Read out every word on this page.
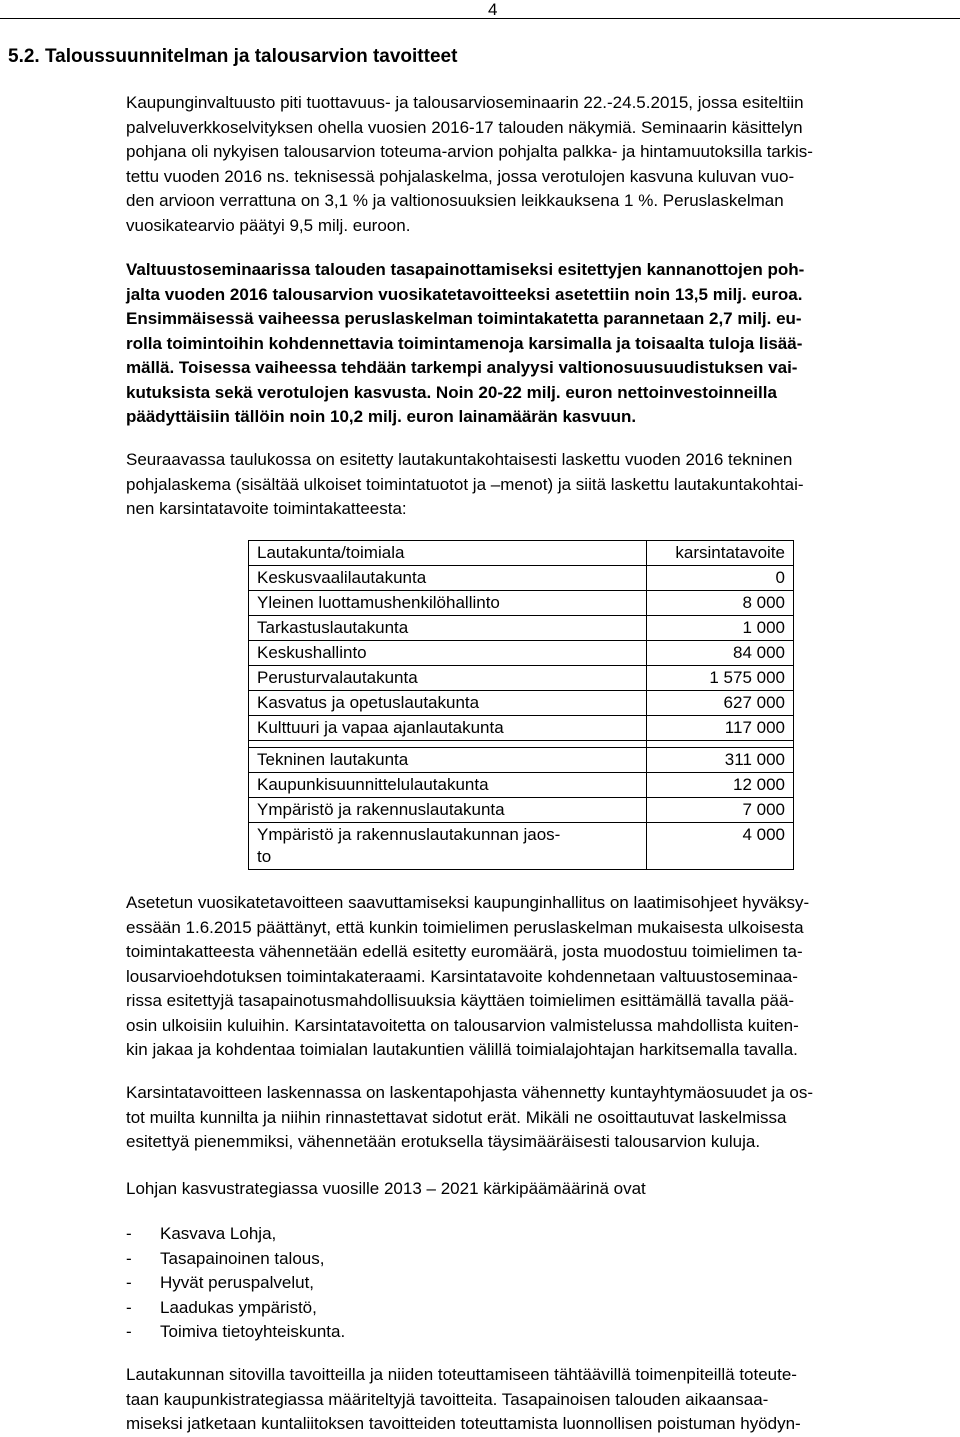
4
5.2. Taloussuunnitelman ja talousarvion tavoitteet

Kaupunginvaltuusto piti tuottavuus- ja talousarvioseminaarin 22.-24.5.2015, jossa esiteltiin
palveluverkkoselvityksen ohella vuosien 2016-17 talouden näkymiä. Seminaarin käsittelyn
pohjana oli nykyisen talousarvion toteuma-arvion pohjalta palkka- ja hintamuutoksilla tarkis-
tettu vuoden 2016 ns. teknisessä pohjalaskelma, jossa verotulojen kasvuna kuluvan vuo-
den arvioon verrattuna on 3,1 % ja valtionosuuksien leikkauksena 1 %. Peruslaskelman
vuosikatearvio päätyi 9,5 milj. euroon.

Valtuustoseminaarissa talouden tasapainottamiseksi esitettyjen kannanottojen poh-
jalta vuoden 2016 talousarvion vuosikatetavoitteeksi asetettiin noin 13,5 milj. euroa.
Ensimmäisessä vaiheessa peruslaskelman toimintakatetta parannetaan 2,7 milj. eu-
rolla toimintoihin kohdennettavia toimintamenoja karsimalla ja toisaalta tuloja lisää-
mällä. Toisessa vaiheessa tehdään tarkempi analyysi valtionosuusuudistuksen vai-
kutuksista sekä verotulojen kasvusta. Noin 20-22 milj. euron nettoinvestoinneilla
päädyttäisiin tällöin noin 10,2 milj. euron lainamäärän kasvuun.

Seuraavassa taulukossa on esitetty lautakuntakohtaisesti laskettu vuoden 2016 tekninen
pohjalaskema (sisältää ulkoiset toimintatuotot ja –menot) ja siitä laskettu lautakuntakohtai-
nen karsintatavoite toimintakatteesta:

Lautakunta/toimiala	karsintatavoite
Keskusvaalilautakunta	0
Yleinen luottamushenkilöhallinto	8 000
Tarkastuslautakunta	1 000
Keskushallinto	84 000
Perusturvalautakunta	1 575 000
Kasvatus ja opetuslautakunta	627 000
Kulttuuri ja vapaa ajanlautakunta	117 000

Tekninen lautakunta	311 000
Kaupunkisuunnittelulautakunta	12 000
Ympäristö ja rakennuslautakunta	7 000

Ympäristö ja rakennuslautakunnan jaos-
to	4 000

Asetetun vuosikatetavoitteen saavuttamiseksi kaupunginhallitus on laatimisohjeet hyväksy-
essään 1.6.2015 päättänyt, että kunkin toimielimen peruslaskelman mukaisesta ulkoisesta
toimintakatteesta vähennetään edellä esitetty euromäärä, josta muodostuu toimielimen ta-
lousarvioehdotuksen toimintakateraami. Karsintatavoite kohdennetaan valtuustoseminaa-
rissa esitettyjä tasapainotusmahdollisuuksia käyttäen toimielimen esittämällä tavalla pää-
osin ulkoisiin kuluihin. Karsintatavoitetta on talousarvion valmistelussa mahdollista kuiten-
kin jakaa ja kohdentaa toimialan lautakuntien välillä toimialajohtajan harkitsemalla tavalla.

Karsintatavoitteen laskennassa on laskentapohjasta vähennetty kuntayhtymäosuudet ja os-
tot muilta kunnilta ja niihin rinnastettavat sidotut erät. Mikäli ne osoittautuvat laskelmissa
esitettyä pienemmiksi, vähennetään erotuksella täysimääräisesti talousarvion kuluja.

Lohjan kasvustrategiassa vuosille 2013 – 2021 kärkipäämäärinä ovat

- Kasvava Lohja,
- Tasapainoinen talous,
- Hyvät peruspalvelut,
- Laadukas ympäristö,
- Toimiva tietoyhteiskunta.

Lautakunnan sitovilla tavoitteilla ja niiden toteuttamiseen tähtäävillä toimenpiteillä toteute-
taan kaupunkistrategiassa määriteltyjä tavoitteita. Tasapainoisen talouden aikaansaa-
miseksi jatketaan kuntaliitoksen tavoitteiden toteuttamista luonnollisen poistuman hyödyn-
